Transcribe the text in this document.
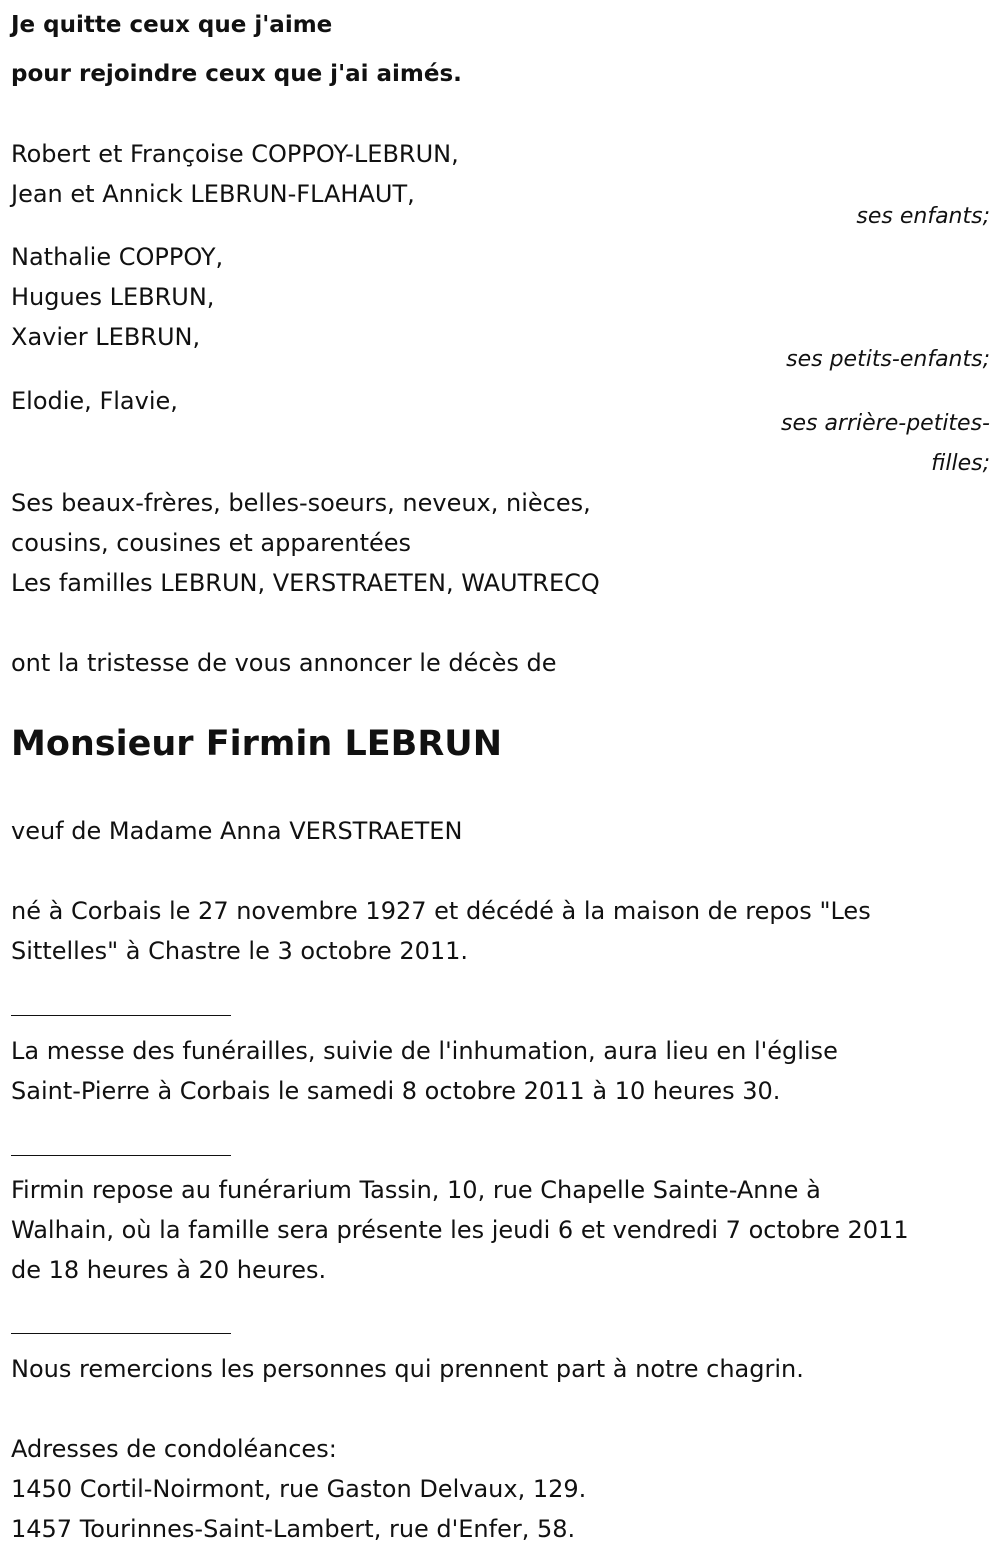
Je quitte ceux que j'aime
pour rejoindre ceux que j'ai aimés.
Robert et Françoise COPPOY-LEBRUN,
Jean et Annick LEBRUN-FLAHAUT,
ses enfants;
Nathalie COPPOY,
Hugues LEBRUN,
Xavier LEBRUN,
ses petits-enfants;
Elodie, Flavie,
ses arrière-petites-
filles;
Ses beaux-frères, belles-soeurs, neveux, nièces,
cousins, cousines et apparentées
Les familles LEBRUN, VERSTRAETEN, WAUTRECQ
ont la tristesse de vous annoncer le décès de
Monsieur Firmin LEBRUN
veuf de Madame Anna VERSTRAETEN
né à Corbais le 27 novembre 1927 et décédé à la maison de repos "Les
Sittelles" à Chastre le 3 octobre 2011.
La messe des funérailles, suivie de l'inhumation, aura lieu en l'église
Saint-Pierre à Corbais le samedi 8 octobre 2011 à 10 heures 30.
Firmin repose au funérarium Tassin, 10, rue Chapelle Sainte-Anne à
Walhain, où la famille sera présente les jeudi 6 et vendredi 7 octobre 2011
de 18 heures à 20 heures.
Nous remercions les personnes qui prennent part à notre chagrin.
Adresses de condoléances:
1450 Cortil-Noirmont, rue Gaston Delvaux, 129.
1457 Tourinnes-Saint-Lambert, rue d'Enfer, 58.
